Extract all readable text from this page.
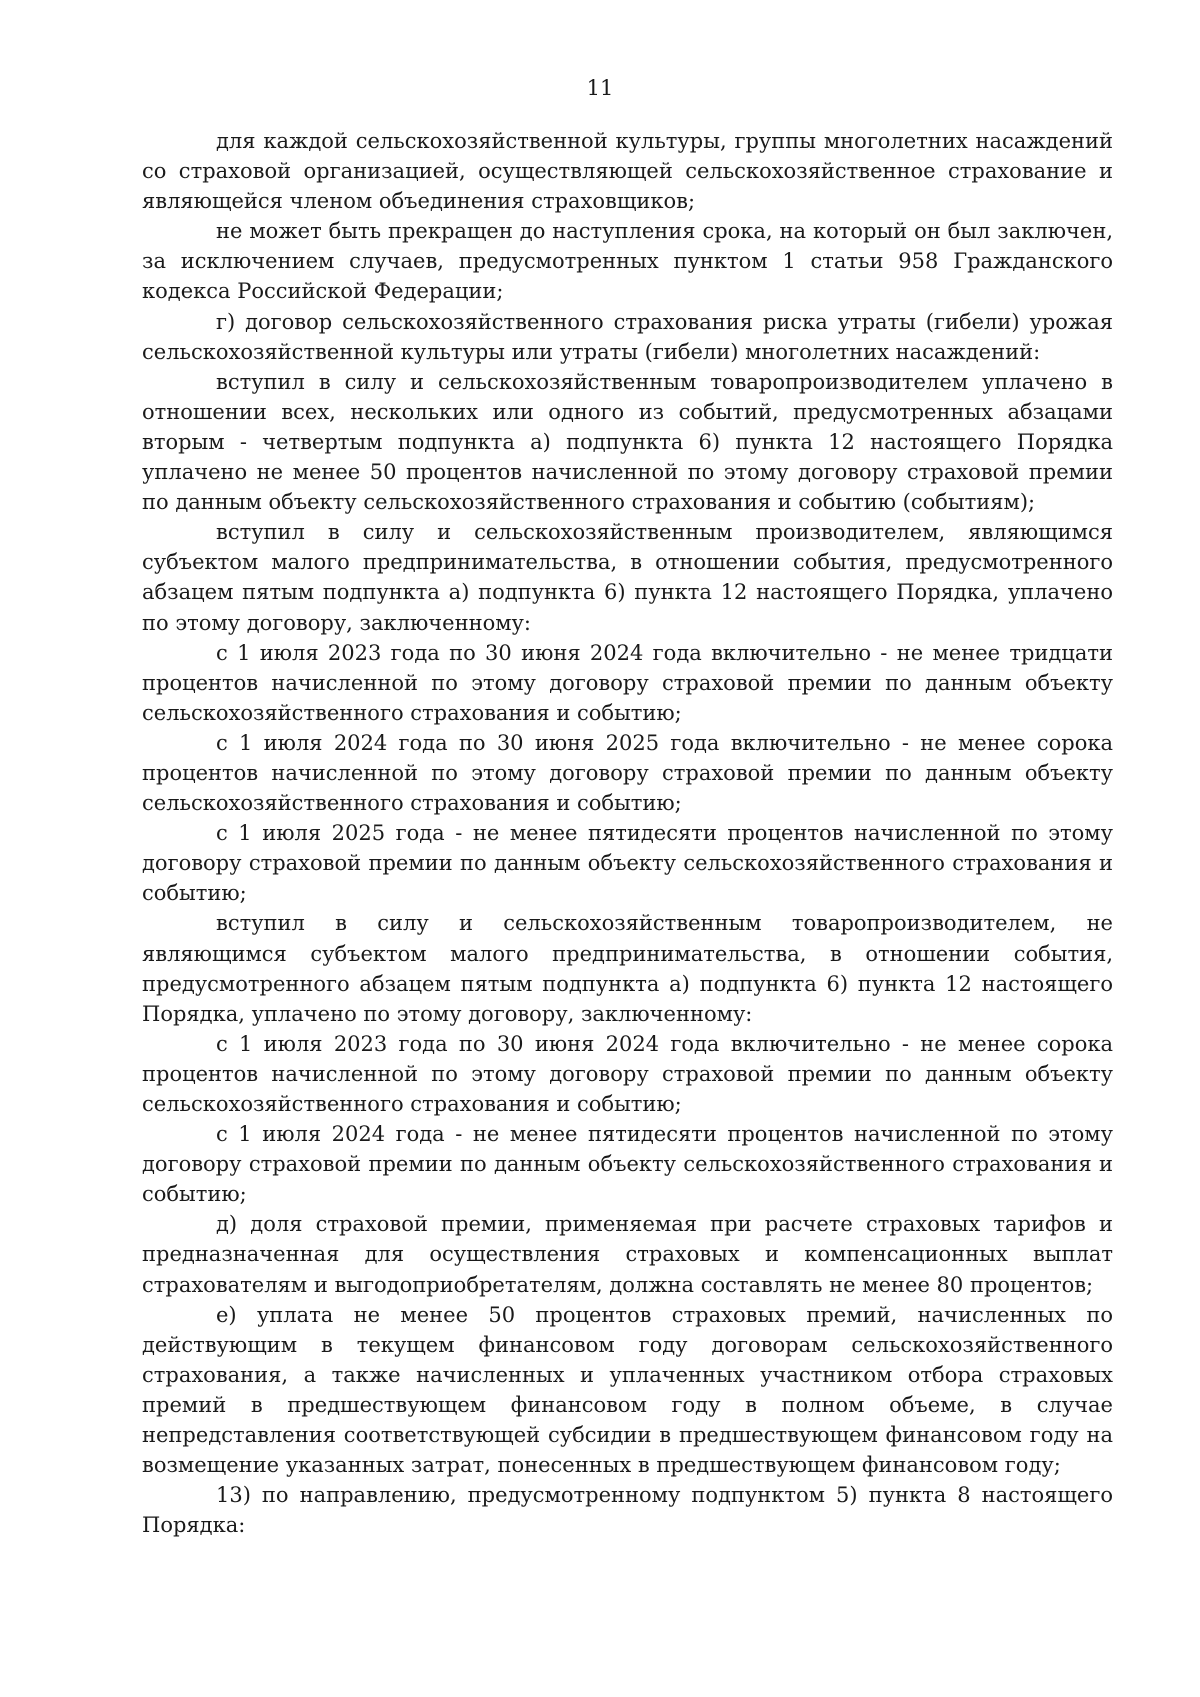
11

для каждой сельскохозяйственной культуры, группы многолетних насаждений со страховой организацией, осуществляющей сельскохозяйственное страхование и являющейся членом объединения страховщиков;

не может быть прекращен до наступления срока, на который он был заключен, за исключением случаев, предусмотренных пунктом 1 статьи 958 Гражданского кодекса Российской Федерации;

г) договор сельскохозяйственного страхования риска утраты (гибели) урожая сельскохозяйственной культуры или утраты (гибели) многолетних насаждений:

вступил в силу и сельскохозяйственным товаропроизводителем уплачено в отношении всех, нескольких или одного из событий, предусмотренных абзацами вторым - четвертым подпункта а) подпункта 6) пункта 12 настоящего Порядка уплачено не менее 50 процентов начисленной по этому договору страховой премии по данным объекту сельскохозяйственного страхования и событию (событиям);

вступил в силу и сельскохозяйственным производителем, являющимся субъектом малого предпринимательства, в отношении события, предусмотренного абзацем пятым подпункта а) подпункта 6) пункта 12 настоящего Порядка, уплачено по этому договору, заключенному:

с 1 июля 2023 года по 30 июня 2024 года включительно - не менее тридцати процентов начисленной по этому договору страховой премии по данным объекту сельскохозяйственного страхования и событию;

с 1 июля 2024 года по 30 июня 2025 года включительно - не менее сорока процентов начисленной по этому договору страховой премии по данным объекту сельскохозяйственного страхования и событию;

с 1 июля 2025 года - не менее пятидесяти процентов начисленной по этому договору страховой премии по данным объекту сельскохозяйственного страхования и событию;

вступил в силу и сельскохозяйственным товаропроизводителем, не являющимся субъектом малого предпринимательства, в отношении события, предусмотренного абзацем пятым подпункта а) подпункта 6) пункта 12 настоящего Порядка, уплачено по этому договору, заключенному:

с 1 июля 2023 года по 30 июня 2024 года включительно - не менее сорока процентов начисленной по этому договору страховой премии по данным объекту сельскохозяйственного страхования и событию;

с 1 июля 2024 года - не менее пятидесяти процентов начисленной по этому договору страховой премии по данным объекту сельскохозяйственного страхования и событию;

д) доля страховой премии, применяемая при расчете страховых тарифов и предназначенная для осуществления страховых и компенсационных выплат страхователям и выгодоприобретателям, должна составлять не менее 80 процентов;

е) уплата не менее 50 процентов страховых премий, начисленных по действующим в текущем финансовом году договорам сельскохозяйственного страхования, а также начисленных и уплаченных участником отбора страховых премий в предшествующем финансовом году в полном объеме, в случае непредставления соответствующей субсидии в предшествующем финансовом году на возмещение указанных затрат, понесенных в предшествующем финансовом году;

13) по направлению, предусмотренному подпунктом 5) пункта 8 настоящего Порядка:
